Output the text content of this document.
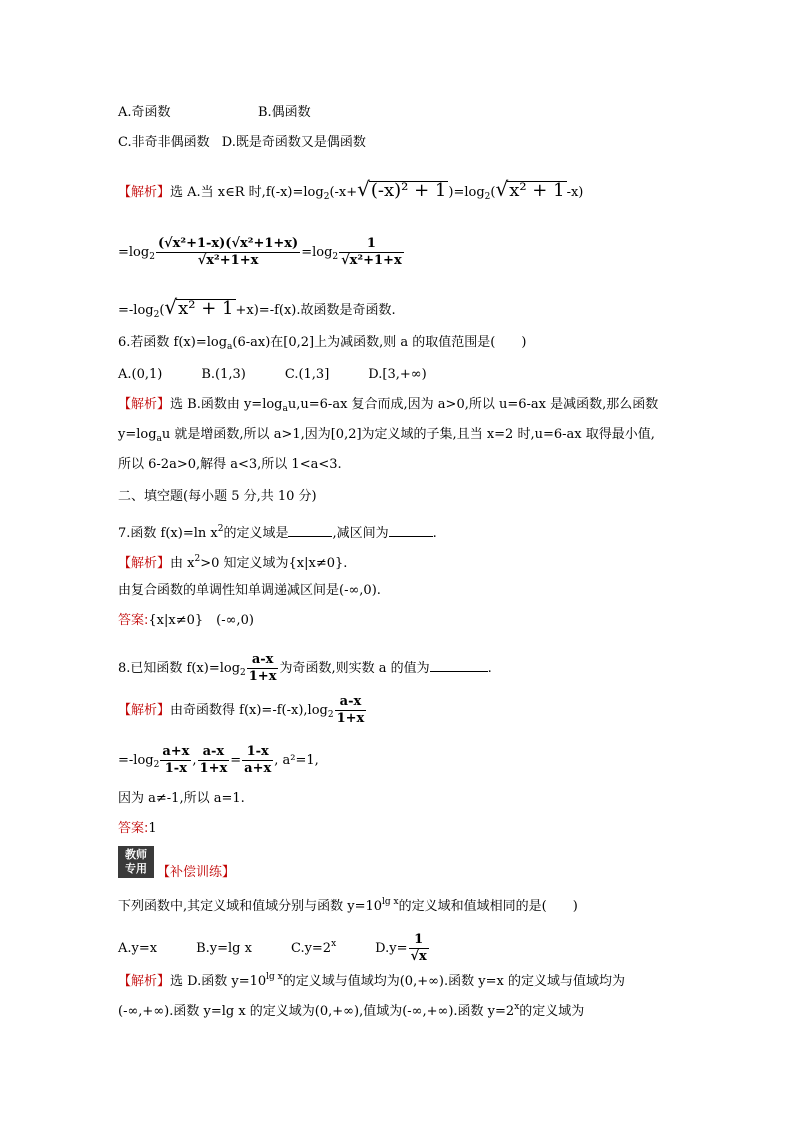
A.奇函数	B.偶函数
C.非奇非偶函数 D.既是奇函数又是偶函数
【解析】选 A.当 x∈R 时$,f(-x)=\log_2(-x+√(-x)^2 + 1$ )$=\log_2(√x^2 + 1$ -x)
$=\log_2 \frac{\text{(√x²+1-x)(√x²+1+x)}}{\text{√x²+1+x}} =\log_2 \frac{1}{\text{√x²+1+x}}$
$=-\log_2(√x^2 + 1 +x)=-f(x)$.故函数是奇函数.
6.若函数 $f(x)=\log_a(6-ax)$在[0,2]上为减函数,则 a 的取值范围是(　　)
A.(0,1)　　　B.(1,3)　　　C.(1,3]　　　D.[3,+∞)
【解析】选 B.函数由 $y=\log_au,u=6-ax$ 复合而成,因为 a>0,所以 u=6-ax 是减函数,那么函数
$y=\log_au$ 就是增函数,所以 a>1,因为[0,2]为定义域的子集,且当 x=2 时,u=6-ax 取得最小值,
所以 6-2a>0,解得 a<3,所以 1<a<3.
二、填空题(每小题 5 分,共 10 分)
7.函数 f(x)=ln $x^2$的定义域是	,减区间为	.
【解析】由 $x^2>0$ 知定义域为{x|x≠0}.
由复合函数的单调性知单调递减区间是(-∞,0).
答案:{x|x≠0}　(-∞,0)
8.已知函数 $f(x)=\log_2 \frac{a-x}{1+x}$ 为奇函数,则实数 a 的值为	.
【解析】由奇函数得 $f(x)=-f(-x),\log_2 \frac{a-x}{1+x}$
$=-\log_2 \frac{a+x}{1-x}$ , $\frac{a-x}{1+x} = \frac{1-x}{a+x}$ , a²=1,
因为 a≠-1,所以 a=1.
答案:1
教师
专用 【补偿训练】
下列函数中,其定义域和值域分别与函数 $y=10^{lg x}$的定义域和值域相同的是(　　)
A.y=x　　　B.y=lg x　　　$C.y=2^x$　　　$D.y= \frac{1}{√x}$
【解析】选 D.函数 $y=10^{lg x}$的定义域与值域均为(0,+∞).函数 y=x 的定义域与值域均为
(-∞,+∞).函数 y=lg x 的定义域为(0,+∞),值域为(-∞,+∞).函数 $y=2^x$的定义域为
